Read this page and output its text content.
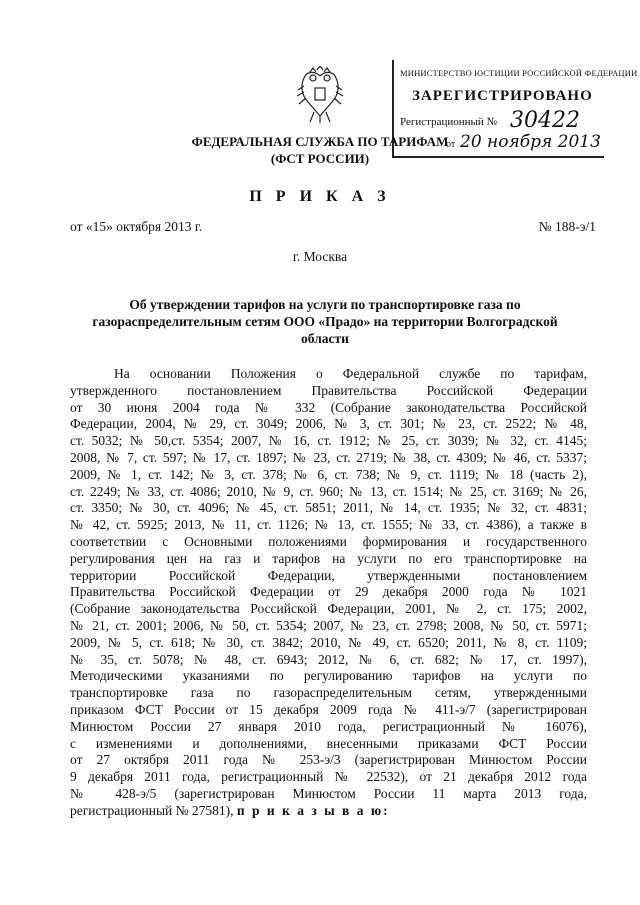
МИНИСТЕРСТВО ЮСТИЦИИ РОССИЙСКОЙ ФЕДЕРАЦИИ
ЗАРЕГИСТРИРОВАНО
Регистрационный № 30422
от 20 ноября 2013
ФЕДЕРАЛЬНАЯ СЛУЖБА ПО ТАРИФАМ
(ФСТ РОССИИ)
П Р И К А З
от «15» октября 2013 г.	№ 188-э/1
г. Москва
Об утверждении тарифов на услуги по транспортировке газа по газораспределительным сетям ООО «Прадо» на территории Волгоградской области
На основании Положения о Федеральной службе по тарифам,
утвержденного постановлением Правительства Российской Федерации
от 30 июня 2004 года № 332 (Собрание законодательства Российской
Федерации, 2004, № 29, ст. 3049; 2006, № 3, ст. 301; № 23, ст. 2522; № 48,
ст. 5032; № 50,ст. 5354; 2007, № 16, ст. 1912; № 25, ст. 3039; № 32, ст. 4145;
2008, № 7, ст. 597; № 17, ст. 1897; № 23, ст. 2719; № 38, ст. 4309; № 46, ст. 5337;
2009, № 1, ст. 142; № 3, ст. 378; № 6, ст. 738; № 9, ст. 1119; № 18 (часть 2),
ст. 2249; № 33, ст. 4086; 2010, № 9, ст. 960; № 13, ст. 1514; № 25, ст. 3169; № 26,
ст. 3350; № 30, ст. 4096; № 45, ст. 5851; 2011, № 14, ст. 1935; № 32, ст. 4831;
№ 42, ст. 5925; 2013, № 11, ст. 1126; № 13, ст. 1555; № 33, ст. 4386), а также в
соответствии с Основными положениями формирования и государственного
регулирования цен на газ и тарифов на услуги по его транспортировке на
территории Российской Федерации, утвержденными постановлением
Правительства Российской Федерации от 29 декабря 2000 года № 1021
(Собрание законодательства Российской Федерации, 2001, № 2, ст. 175; 2002,
№ 21, ст. 2001; 2006, № 50, ст. 5354; 2007, № 23, ст. 2798; 2008, № 50, ст. 5971;
2009, № 5, ст. 618; № 30, ст. 3842; 2010, № 49, ст. 6520; 2011, № 8, ст. 1109;
№ 35, ст. 5078; № 48, ст. 6943; 2012, № 6, ст. 682; № 17, ст. 1997),
Методическими указаниями по регулированию тарифов на услуги по
транспортировке газа по газораспределительным сетям, утвержденными
приказом ФСТ России от 15 декабря 2009 года № 411-э/7 (зарегистрирован
Минюстом России 27 января 2010 года, регистрационный № 16076),
с изменениями и дополнениями, внесенными приказами ФСТ России
от 27 октября 2011 года № 253-э/3 (зарегистрирован Минюстом России
9 декабря 2011 года, регистрационный № 22532), от 21 декабря 2012 года
№ 428-э/5 (зарегистрирован Минюстом России 11 марта 2013 года,
регистрационный № 27581), п р и к а з ы в а ю:
